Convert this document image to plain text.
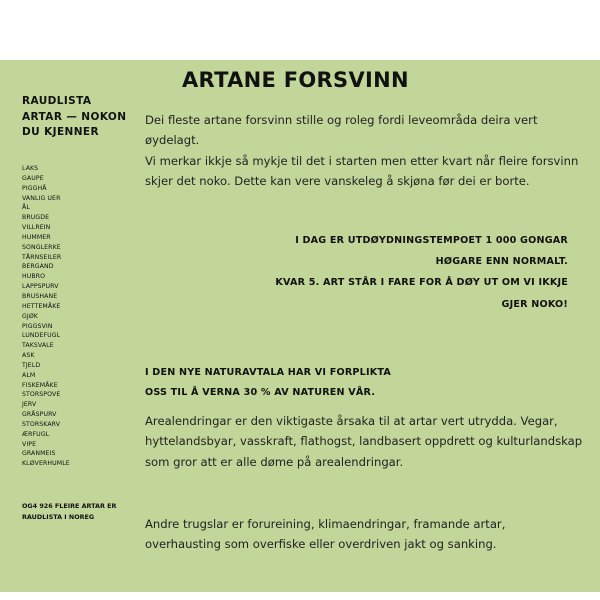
ARTANE FORSVINN
RAUDLISTA ARTAR — NOKON DU KJENNER
LAKS
GAUPE
PIGGHÅ
VANLIG UER
ÅL
BRUGDE
VILLREIN
HUMMER
SONGLERKE
TÅRNSEILER
BERGAND
HUBRO
LAPPSPURV
BRUSHANE
HETTEMÅKE
GJØK
PIGGSVIN
LUNDEFUGL
TAKSVALE
ASK
TJELD
ALM
FISKEMÅKE
STORSPOVE
JERV
GRÅSPURV
STORSKARV
ÆRFUGL
VIPE
GRANMEIS
KLØVERHUMLE

OG4 926 FLEIRE ARTAR ER RAUDLISTA I NOREG

Dei fleste artane forsvinn stille og roleg fordi leveområda deira vert øydelagt.
Vi merkar ikkje så mykje til det i starten men etter kvart når fleire forsvinn skjer det noko. Dette kan vere vanskeleg å skjøna før dei er borte.

I DAG ER UTDØYDNINGSTEMPOET 1 000 GONGAR
HØGARE ENN NORMALT.
KVAR 5. ART STÅR I FARE FOR Å DØY UT OM VI IKKJE
GJER NOKO!

I DEN NYE NATURAVTALA HAR VI FORPLIKTA
OSS TIL Å VERNA 30 % AV NATUREN VÅR.

Arealendringar er den viktigaste årsaka til at artar vert utrydda. Vegar, hyttelandsbyar, vasskraft, flathogst, landbasert oppdrett og kulturlandskap som gror att er alle døme på arealendringar.

Andre trugslar er forureining, klimaendringar, framande artar, overhausting som overfiske eller overdriven jakt og sanking.
